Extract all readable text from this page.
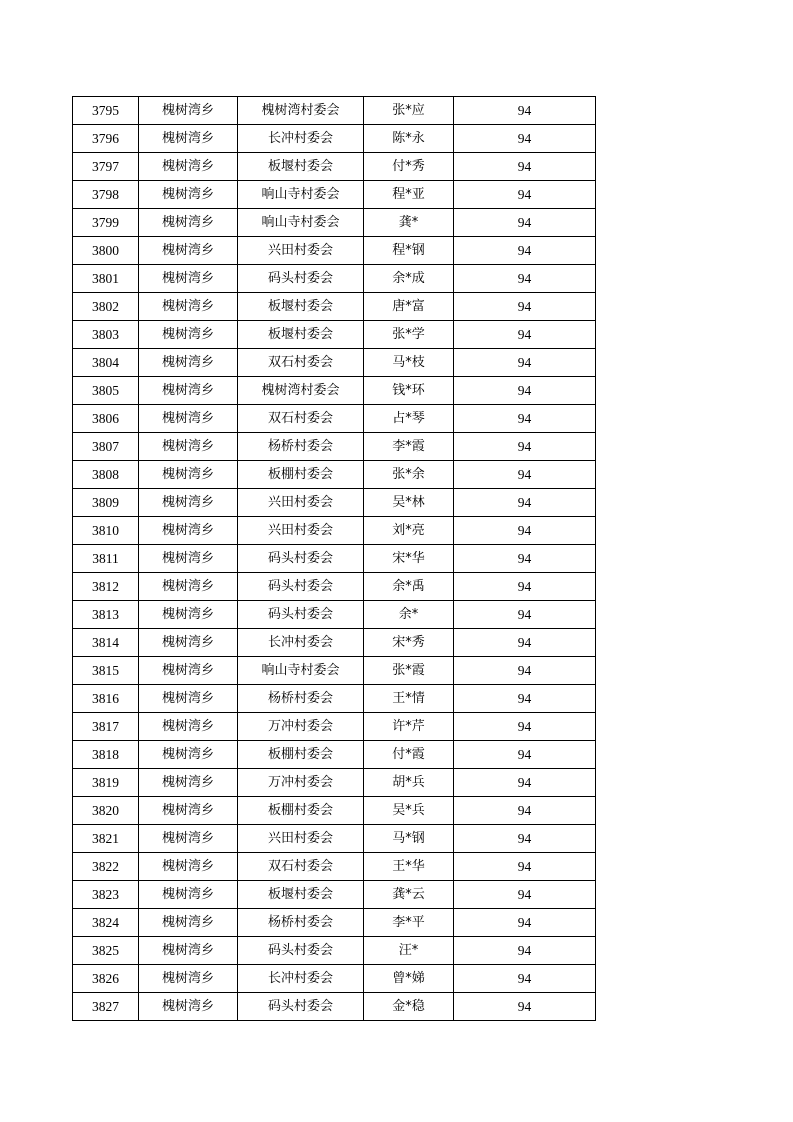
3795	槐树湾乡	槐树湾村委会	张*应	94
3796	槐树湾乡	长冲村委会	陈*永	94
3797	槐树湾乡	板堰村委会	付*秀	94
3798	槐树湾乡	响山寺村委会	程*亚	94
3799	槐树湾乡	响山寺村委会	龚*	94
3800	槐树湾乡	兴田村委会	程*钢	94
3801	槐树湾乡	码头村委会	余*成	94
3802	槐树湾乡	板堰村委会	唐*富	94
3803	槐树湾乡	板堰村委会	张*学	94
3804	槐树湾乡	双石村委会	马*枝	94
3805	槐树湾乡	槐树湾村委会	钱*环	94
3806	槐树湾乡	双石村委会	占*琴	94
3807	槐树湾乡	杨桥村委会	李*霞	94
3808	槐树湾乡	板棚村委会	张*余	94
3809	槐树湾乡	兴田村委会	吴*林	94
3810	槐树湾乡	兴田村委会	刘*亮	94
3811	槐树湾乡	码头村委会	宋*华	94
3812	槐树湾乡	码头村委会	余*禹	94
3813	槐树湾乡	码头村委会	余*	94
3814	槐树湾乡	长冲村委会	宋*秀	94
3815	槐树湾乡	响山寺村委会	张*霞	94
3816	槐树湾乡	杨桥村委会	王*情	94
3817	槐树湾乡	万冲村委会	许*芹	94
3818	槐树湾乡	板棚村委会	付*霞	94
3819	槐树湾乡	万冲村委会	胡*兵	94
3820	槐树湾乡	板棚村委会	吴*兵	94
3821	槐树湾乡	兴田村委会	马*钢	94
3822	槐树湾乡	双石村委会	王*华	94
3823	槐树湾乡	板堰村委会	龚*云	94
3824	槐树湾乡	杨桥村委会	李*平	94
3825	槐树湾乡	码头村委会	汪*	94
3826	槐树湾乡	长冲村委会	曾*娣	94
3827	槐树湾乡	码头村委会	金*稳	94
